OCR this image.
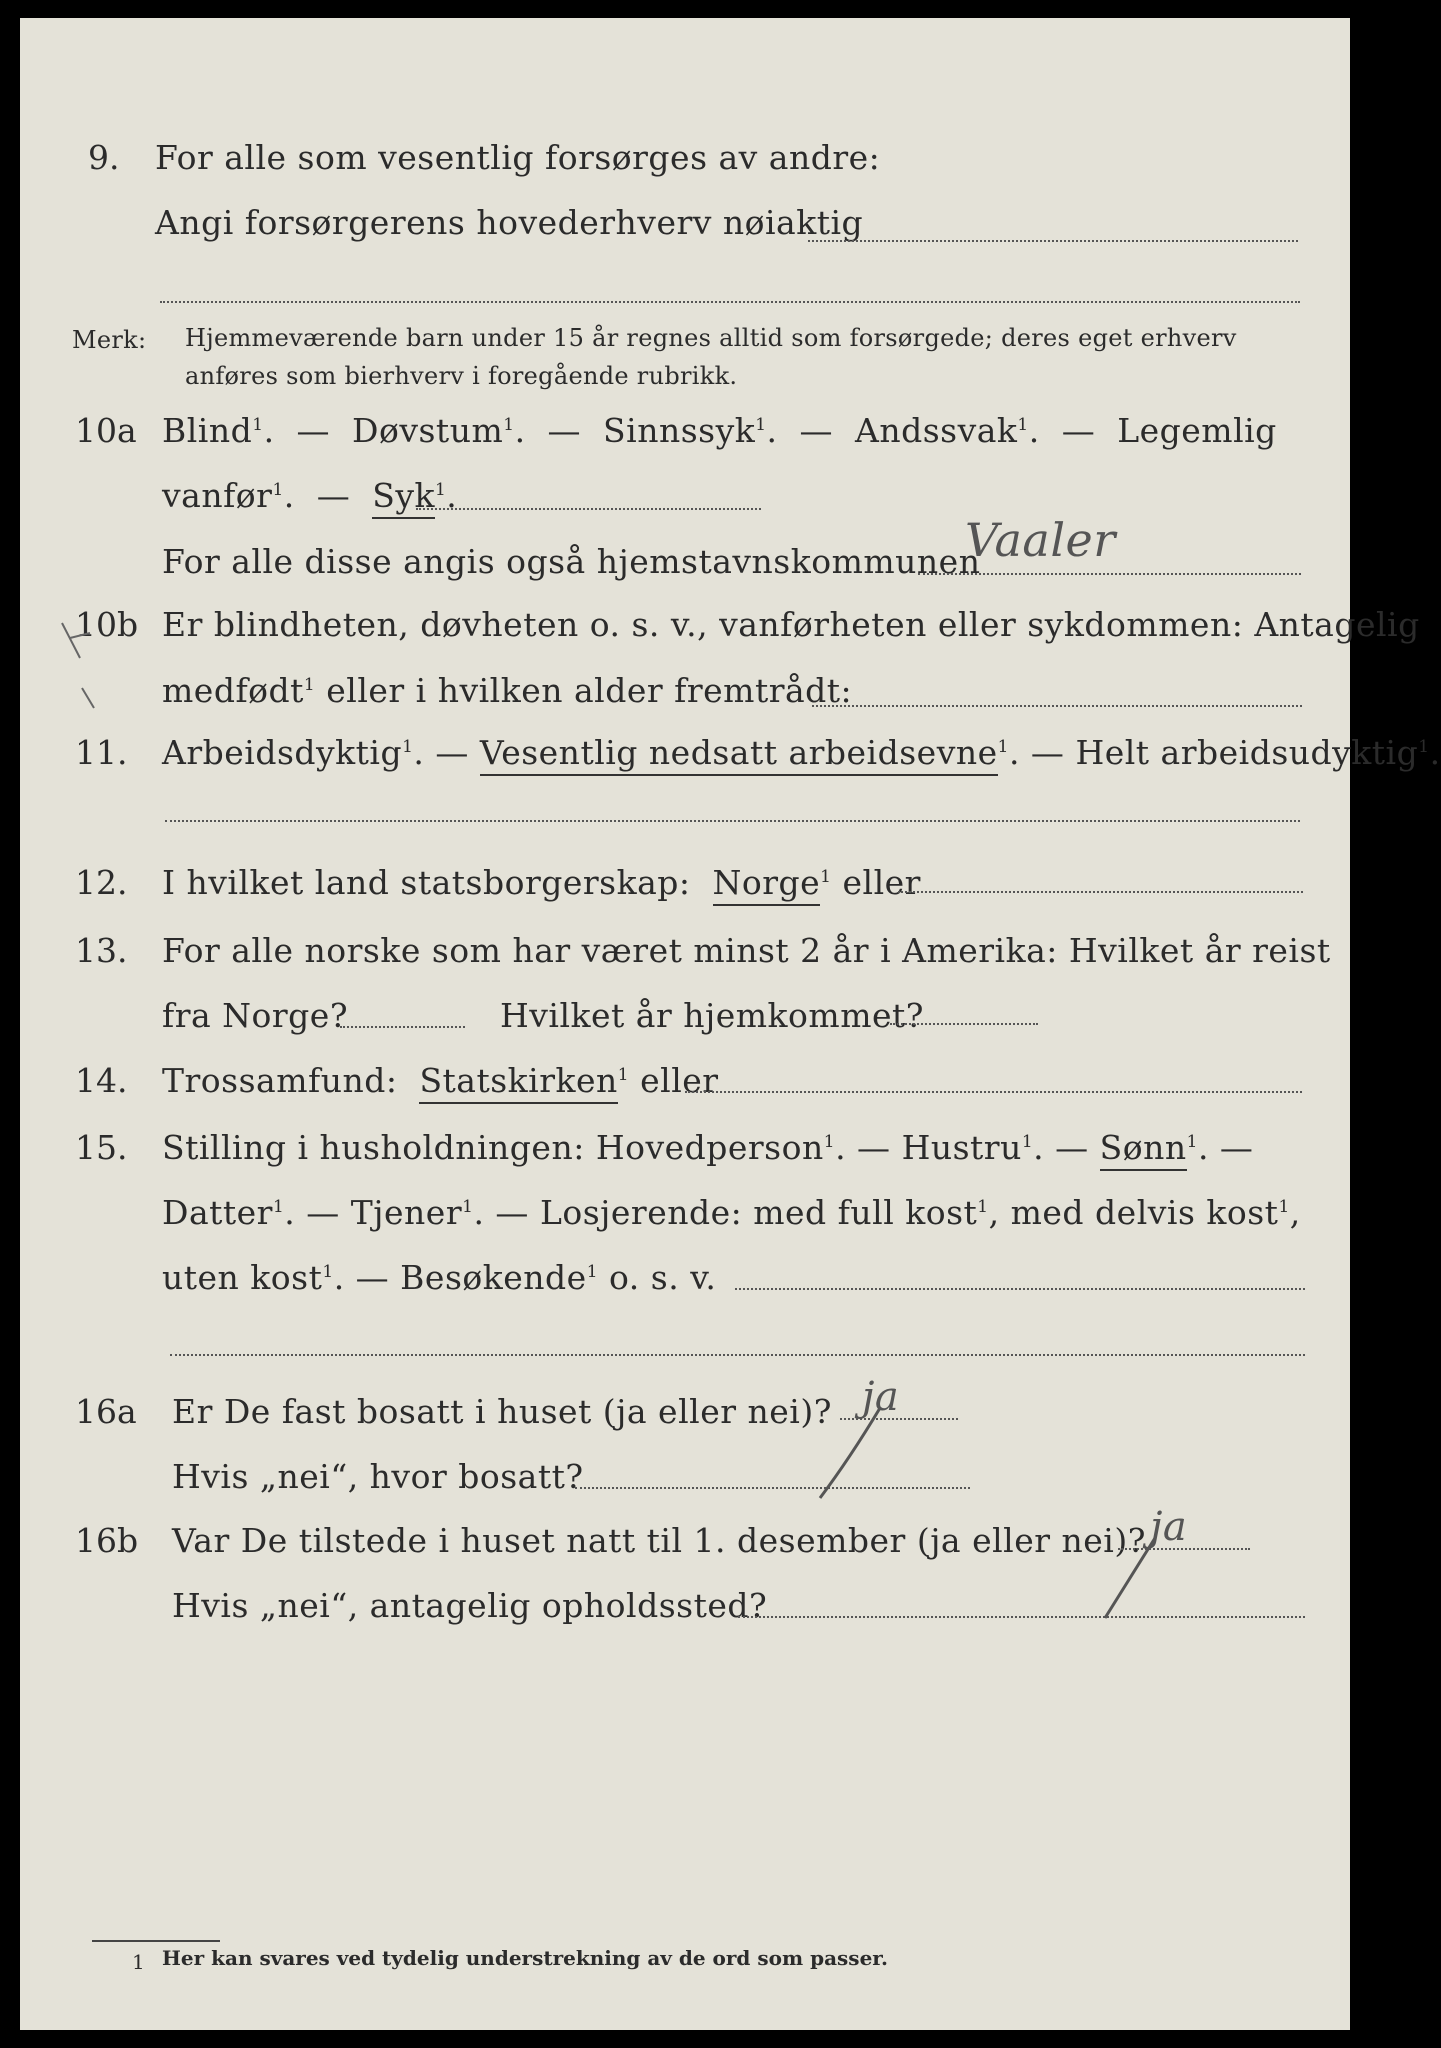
9. For alle som vesentlig forsørges av andre:
Angi forsørgerens hovederhverv nøiaktig
Merk: Hjemmeværende barn under 15 år regnes alltid som forsørgede; deres eget erhverv
anføres som bierhverv i foregående rubrikk.
10a Blind$^1$.  —  Døvstum$^1$.  —  Sinnssyk$^1$.  —  Andssvak$^1$.  —  Legemlig
vanfør$^1$.  —  Syk$^1$.
For alle disse angis også hjemstavnskommunen
Vaaler
10b Er blindheten, døvheten o. s. v., vanførheten eller sykdommen: Antagelig
medfødt$^1$ eller i hvilken alder fremtrådt:
11. Arbeidsdyktig$^1$. — Vesentlig nedsatt arbeidsevne$^1$. — Helt arbeidsudyktig$^1$.
12. I hvilket land statsborgerskap: Norge$^1$ eller
13. For alle norske som har været minst 2 år i Amerika: Hvilket år reist
fra Norge?	Hvilket år hjemkommet?
14. Trossamfund: Statskirken$^1$ eller
15. Stilling i husholdningen: Hovedperson$^1$. — Hustru$^1$. — Sønn$^1$. —
Datter$^1$. — Tjener$^1$. — Losjerende: med full kost$^1$, med delvis kost$^1$,
uten kost$^1$. — Besøkende$^1$ o. s. v.
16a Er De fast bosatt i huset (ja eller nei)? ja
Hvis „nei“, hvor bosatt?
16b Var De tilstede i huset natt til 1. desember (ja eller nei)? ja
Hvis „nei“, antagelig opholdssted?
1 Her kan svares ved tydelig understrekning av de ord som passer.
